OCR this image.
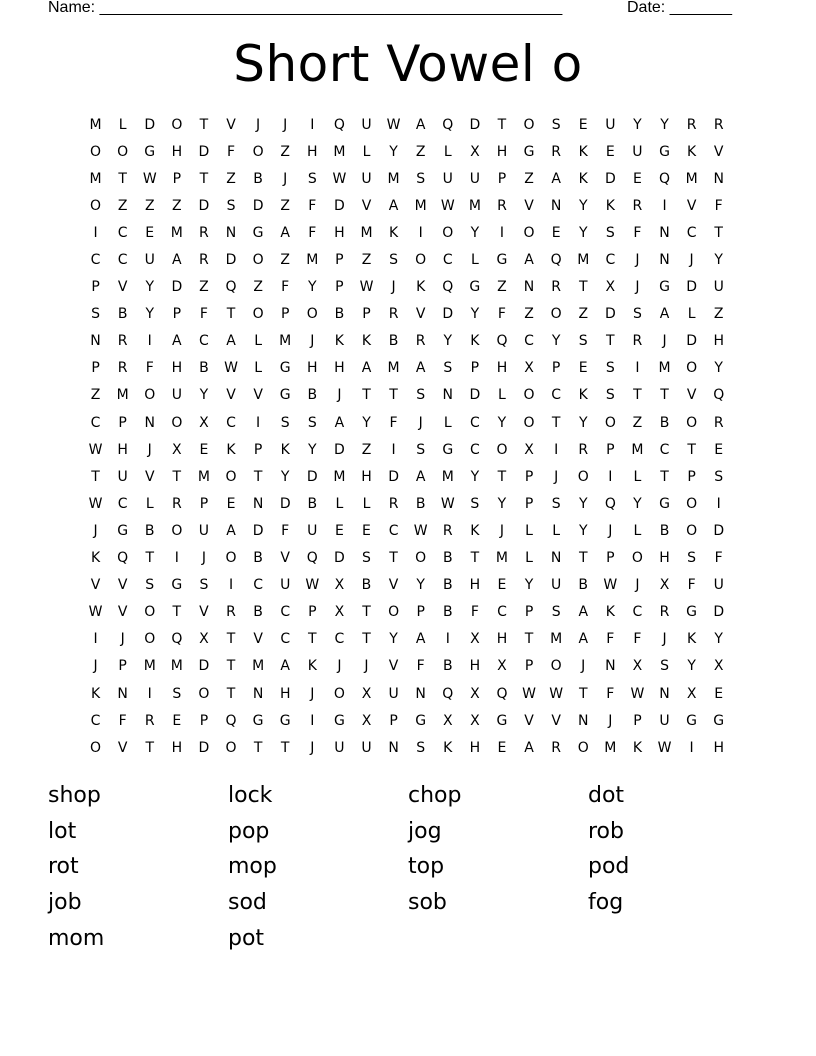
Name: ____________________________________________________

	Date: _______

Short Vowel o
M	L	D	O	T	V	J	J	I	Q	U	W	A	Q	D	T	O	S	E	U	Y	Y	R	R
O	O	G	H	D	F	O	Z	H	M	L	Y	Z	L	X	H	G	R	K	E	U	G	K	V
M	T	W	P	T	Z	B	J	S	W	U	M	S	U	U	P	Z	A	K	D	E	Q	M	N
O	Z	Z	Z	D	S	D	Z	F	D	V	A	M	W	M	R	V	N	Y	K	R	I	V	F
I	C	E	M	R	N	G	A	F	H	M	K	I	O	Y	I	O	E	Y	S	F	N	C	T
C	C	U	A	R	D	O	Z	M	P	Z	S	O	C	L	G	A	Q	M	C	J	N	J	Y
P	V	Y	D	Z	Q	Z	F	Y	P	W	J	K	Q	G	Z	N	R	T	X	J	G	D	U
S	B	Y	P	F	T	O	P	O	B	P	R	V	D	Y	F	Z	O	Z	D	S	A	L	Z
N	R	I	A	C	A	L	M	J	K	K	B	R	Y	K	Q	C	Y	S	T	R	J	D	H
P	R	F	H	B	W	L	G	H	H	A	M	A	S	P	H	X	P	E	S	I	M	O	Y
Z	M	O	U	Y	V	V	G	B	J	T	T	S	N	D	L	O	C	K	S	T	T	V	Q
C	P	N	O	X	C	I	S	S	A	Y	F	J	L	C	Y	O	T	Y	O	Z	B	O	R
W	H	J	X	E	K	P	K	Y	D	Z	I	S	G	C	O	X	I	R	P	M	C	T	E
T	U	V	T	M	O	T	Y	D	M	H	D	A	M	Y	T	P	J	O	I	L	T	P	S
W	C	L	R	P	E	N	D	B	L	L	R	B	W	S	Y	P	S	Y	Q	Y	G	O	I
J	G	B	O	U	A	D	F	U	E	E	C	W	R	K	J	L	L	Y	J	L	B	O	D
K	Q	T	I	J	O	B	V	Q	D	S	T	O	B	T	M	L	N	T	P	O	H	S	F
V	V	S	G	S	I	C	U	W	X	B	V	Y	B	H	E	Y	U	B	W	J	X	F	U
W	V	O	T	V	R	B	C	P	X	T	O	P	B	F	C	P	S	A	K	C	R	G	D
I	J	O	Q	X	T	V	C	T	C	T	Y	A	I	X	H	T	M	A	F	F	J	K	Y
J	P	M	M	D	T	M	A	K	J	J	V	F	B	H	X	P	O	J	N	X	S	Y	X
K	N	I	S	O	T	N	H	J	O	X	U	N	Q	X	Q	W W	T	F	W	N	X	E
C	F	R	E	P	Q	G	G	I	G	X	P	G	X	X	G	V	V	N	J	P	U	G	G
O	V	T	H	D	O	T	T	J	U	U	N	S	K	H	E	A	R	O	M	K	W	I	H
shop	lock	chop	dot
lot	pop	jog	rob
rot	mop	top	pod
job	sod	sob	fog
mom	pot
